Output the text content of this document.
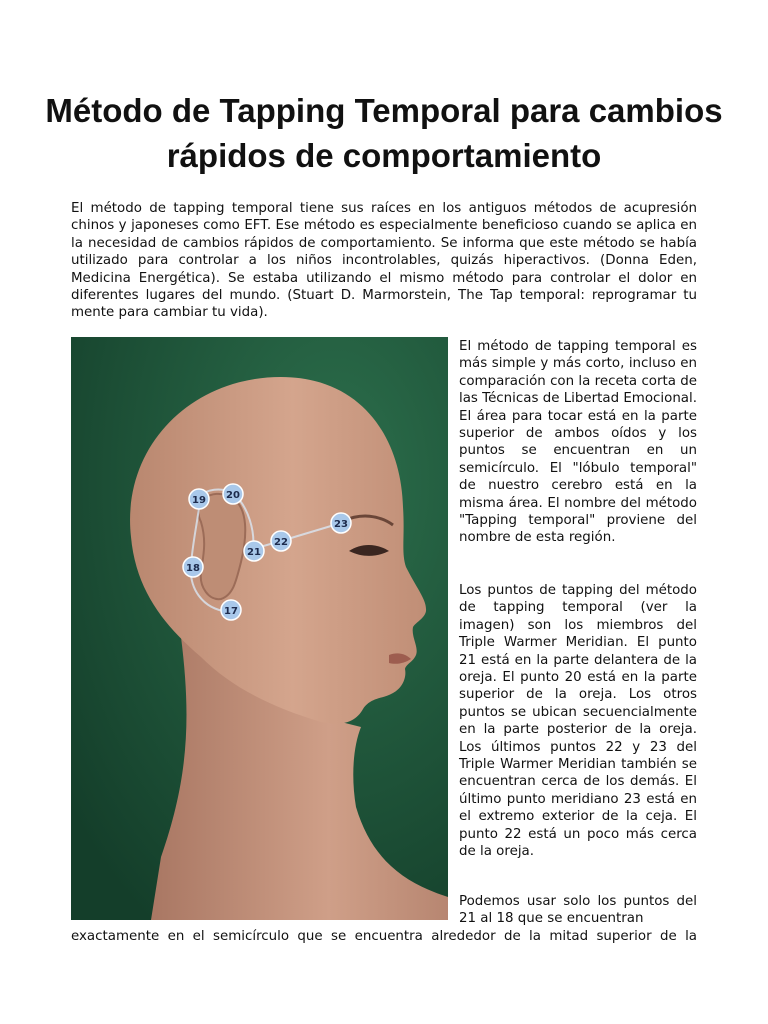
Método de Tapping Temporal para cambios rápidos de comportamiento

El método de tapping temporal tiene sus raíces en los antiguos métodos de acupresión chinos y japoneses como EFT. Ese método es especialmente beneficioso cuando se aplica en la necesidad de cambios rápidos de comportamiento. Se informa que este método se había utilizado para controlar a los niños incontrolables, quizás hiperactivos. (Donna Eden, Medicina Energética). Se estaba utilizando el mismo método para controlar el dolor en diferentes lugares del mundo. (Stuart D. Marmorstein, The Tap temporal: reprogramar tu mente para cambiar tu vida).

19 20
21
18
17
22
23

El método de tapping temporal es más simple y más corto, incluso en comparación con la receta corta de las Técnicas de Libertad Emocional. El área para tocar está en la parte superior de ambos oídos y los puntos se encuentran en un semicírculo. El "lóbulo temporal" de nuestro cerebro está en la misma área. El nombre del método "Tapping temporal" proviene del nombre de esta región.

Los puntos de tapping del método de tapping temporal (ver la imagen) son los miembros del Triple Warmer Meridian. El punto 21 está en la parte delantera de la oreja. El punto 20 está en la parte superior de la oreja. Los otros puntos se ubican secuencialmente en la parte posterior de la oreja. Los últimos puntos 22 y 23 del Triple Warmer Meridian también se encuentran cerca de los demás. El último punto meridiano 23 está en el extremo exterior de la ceja. El punto 22 está un poco más cerca de la oreja.

Podemos usar solo los puntos del 21 al 18 que se encuentran

exactamente en el semicírculo que se encuentra alrededor de la mitad superior de la
